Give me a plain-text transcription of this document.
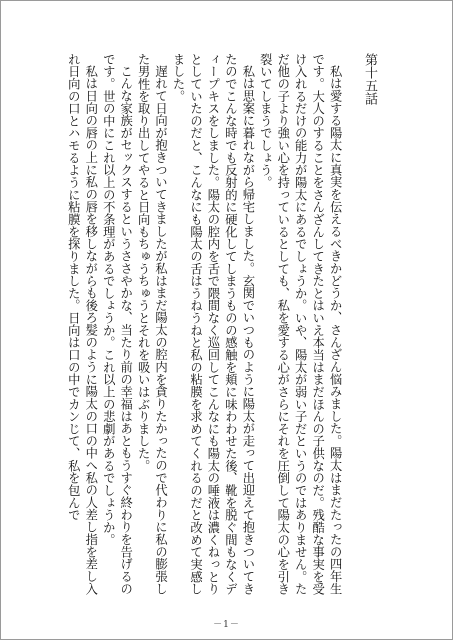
第十五話

私は愛する陽太に真実を伝えるべきかどうか、さんざん悩みました。陽太はまだたったの四年生です。大人のすることをさんざんしてきたとはいえ本当はまだほんの子供なのだ。残酷な事実を受け入れるだけの能力が陽太にあるでしょうか。いや、陽太が弱い子だというのではありません。ただ他の子より強い心を持っているとしても、私を愛する心がさらにそれを圧倒して陽太の心を引き裂いてしまうでしょう。

私は思案に暮れながら帰宅しました。玄関でいつものように陽太が走って出迎えて抱きついてきたのでこんな時でも反射的に硬化してしまうものの感触を頬に味わわせた後、靴を脱ぐ間もなくディープキスをしました。陽太の腔内を舌で隈間なく巡回してこんなにも陽太の唾液は濃くねっとりとしていたのだと、こんなにも陽太の舌はうねうねと私の粘膜を求めてくれるのだと改めて実感しました。

遅れて日向が抱きついてきましたが私はまだ陽太の腔内を貪りたかったので代わりに私の膨張した男性を取り出してやると日向もちゅうちゅうとそれを吸いはぶりました。

こんな家族がセックスするというささやかな、当たり前の幸福はあともうすぐ終わりを告げるのです。世の中にこれ以上の不条理があるでしょうか。これ以上の悲劇があるでしょうか。

私は日向の唇の上に私の唇を移しながらも後ろ髪のように陽太の口の中へ私の人差し指を差し入れ日向の口とハモるように粘膜を探りました。日向は口の中でカンじて、私を包んで

－1－
